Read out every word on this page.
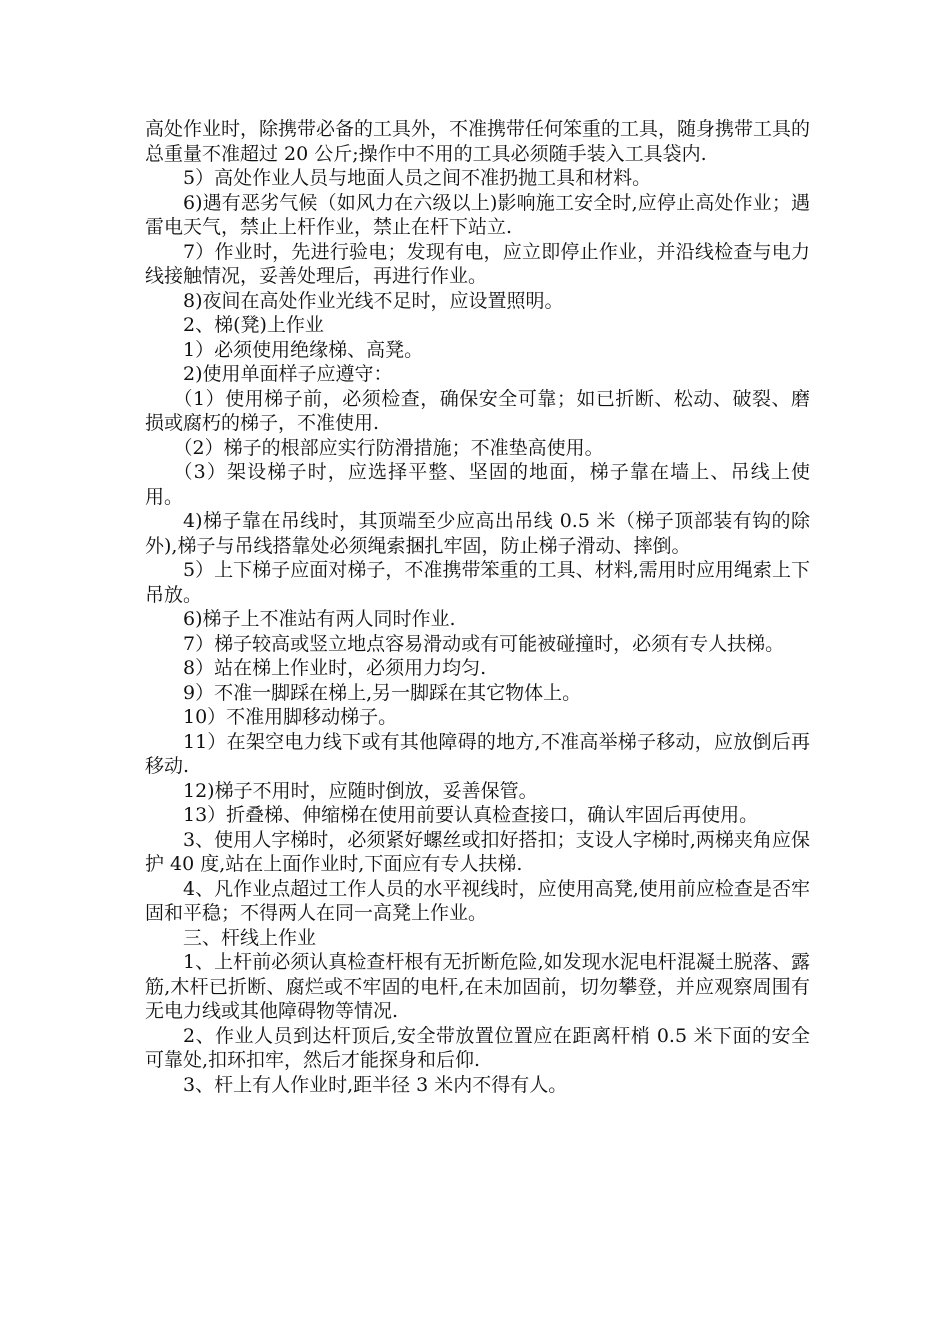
高处作业时，除携带必备的工具外，不准携带任何笨重的工具，随身携带工具的总重量不准超过 20 公斤;操作中不用的工具必须随手装入工具袋内.

5）高处作业人员与地面人员之间不准扔抛工具和材料。

6)遇有恶劣气候（如风力在六级以上)影响施工安全时,应停止高处作业；遇雷电天气，禁止上杆作业，禁止在杆下站立.

7）作业时，先进行验电；发现有电，应立即停止作业，并沿线检查与电力线接触情况，妥善处理后，再进行作业。

8)夜间在高处作业光线不足时，应设置照明。

2、梯(凳)上作业

1）必须使用绝缘梯、高凳。

2)使用单面样子应遵守：

（1）使用梯子前，必须检查，确保安全可靠；如已折断、松动、破裂、磨损或腐朽的梯子，不准使用.

（2）梯子的根部应实行防滑措施；不准垫高使用。

（3）架设梯子时，应选择平整、坚固的地面，梯子靠在墙上、吊线上使用。

4)梯子靠在吊线时，其顶端至少应高出吊线 0.5 米（梯子顶部装有钩的除外),梯子与吊线搭靠处必须绳索捆扎牢固，防止梯子滑动、摔倒。

5）上下梯子应面对梯子，不准携带笨重的工具、材料,需用时应用绳索上下吊放。

6)梯子上不准站有两人同时作业.

7）梯子较高或竖立地点容易滑动或有可能被碰撞时，必须有专人扶梯。

8）站在梯上作业时，必须用力均匀.

9）不准一脚踩在梯上,另一脚踩在其它物体上。

10）不准用脚移动梯子。

11）在架空电力线下或有其他障碍的地方,不准高举梯子移动，应放倒后再移动.

12)梯子不用时，应随时倒放，妥善保管。

13）折叠梯、伸缩梯在使用前要认真检查接口，确认牢固后再使用。

3、使用人字梯时，必须紧好螺丝或扣好搭扣；支设人字梯时,两梯夹角应保护 40 度,站在上面作业时,下面应有专人扶梯.

4、凡作业点超过工作人员的水平视线时，应使用高凳,使用前应检查是否牢固和平稳；不得两人在同一高凳上作业。

三、杆线上作业

1、上杆前必须认真检查杆根有无折断危险,如发现水泥电杆混凝土脱落、露筋,木杆已折断、腐烂或不牢固的电杆,在未加固前，切勿攀登，并应观察周围有无电力线或其他障碍物等情况.

2、作业人员到达杆顶后,安全带放置位置应在距离杆梢 0.5 米下面的安全可靠处,扣环扣牢，然后才能探身和后仰.

3、杆上有人作业时,距半径 3 米内不得有人。
